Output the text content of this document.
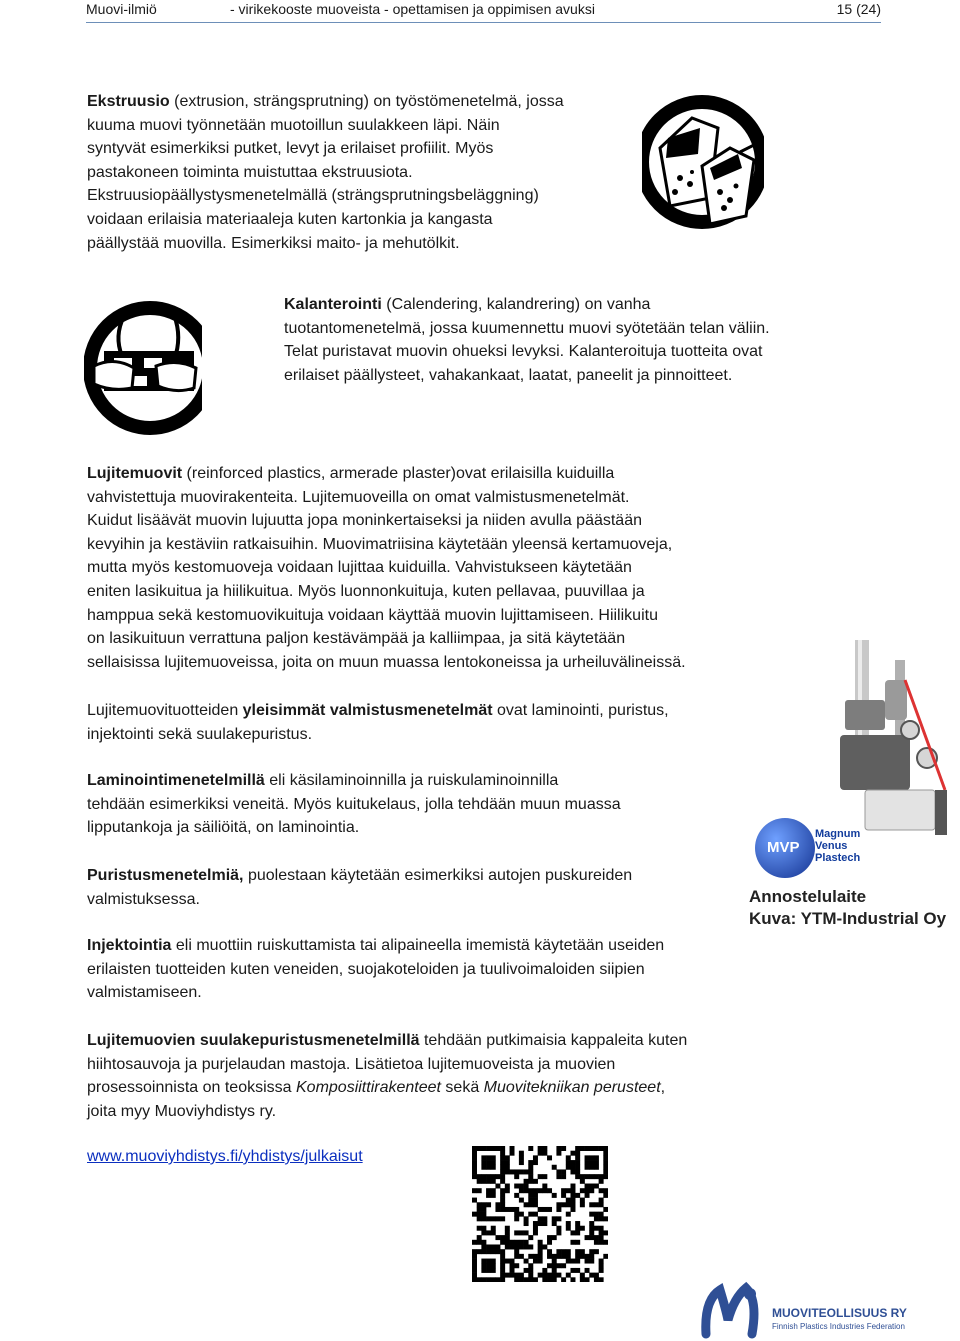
Muovi-ilmiö	- virikekooste muoveista - opettamisen ja oppimisen avuksi	15 (24)

Ekstruusio (extrusion, strängsprutning) on työstömenetelmä, jossa

kuuma muovi työnnetään muotoillun suulakkeen läpi. Näin

syntyvät esimerkiksi putket, levyt ja erilaiset profiilit. Myös

pastakoneen toiminta muistuttaa ekstruusiota.

Ekstruusiopäällystysmenetelmällä (strängsprutningsbeläggning)

voidaan erilaisia materiaaleja kuten kartonkia ja kangasta

päällystää muovilla. Esimerkiksi maito- ja mehutölkit.

Kalanterointi (Calendering, kalandrering) on vanha

tuotantomenetelmä, jossa kuumennettu muovi syötetään telan väliin.

Telat puristavat muovin ohueksi levyksi. Kalanteroituja tuotteita ovat

erilaiset päällysteet, vahakankaat, laatat, paneelit ja pinnoitteet.

Lujitemuovit (reinforced plastics, armerade plaster)ovat erilaisilla kuiduilla

vahvistettuja muovirakenteita. Lujitemuoveilla on omat valmistusmenetelmät.

Kuidut lisäävät muovin lujuutta jopa moninkertaiseksi ja niiden avulla päästään

kevyihin ja kestäviin ratkaisuihin. Muovimatriisina käytetään yleensä kertamuoveja,

mutta myös kestomuoveja voidaan lujittaa kuiduilla. Vahvistukseen käytetään

eniten lasikuitua ja hiilikuitua. Myös luonnonkuituja, kuten pellavaa, puuvillaa ja

hamppua sekä kestomuovikuituja voidaan käyttää muovin lujittamiseen. Hiilikuitu

on lasikuituun verrattuna paljon kestävämpää ja kalliimpaa, ja sitä käytetään

sellaisissa lujitemuoveissa, joita on muun muassa lentokoneissa ja urheiluvälineissä.

Lujitemuovituotteiden yleisimmät valmistusmenetelmät ovat laminointi, puristus,

injektointi sekä suulakepuristus.

Laminointimenetelmillä eli käsilaminoinnilla ja ruiskulaminoinnilla

tehdään esimerkiksi veneitä. Myös kuitukelaus, jolla tehdään muun muassa

lipputankoja ja säiliöitä, on laminointia.

Puristusmenetelmiä, puolestaan käytetään esimerkiksi autojen puskureiden

valmistuksessa.

Injektointia eli muottiin ruiskuttamista tai alipaineella imemistä käytetään useiden

erilaisten tuotteiden kuten veneiden, suojakoteloiden ja tuulivoimaloiden siipien

valmistamiseen.

Lujitemuovien suulakepuristusmenetelmillä tehdään putkimaisia kappaleita kuten

hiihtosauvoja ja purjelaudan mastoja. Lisätietoa lujitemuoveista ja muovien

prosessoinnista on teoksissa Komposiittirakenteet sekä Muovitekniikan perusteet,

joita myy Muoviyhdistys ry.

www.muoviyhdistys.fi/yhdistys/julkaisut
MVP
Magnum
Venus
Plastech
Annostelulaite
Kuva: YTM-Industrial Oy
MUOVITEOLLISUUS RY
Finnish Plastics Industries Federation
